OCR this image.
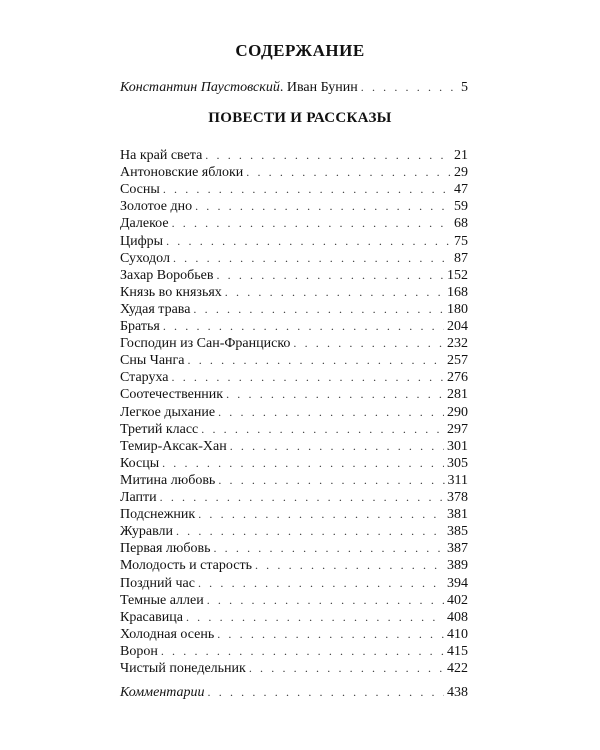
СОДЕРЖАНИЕ
Константин Паустовский. Иван Бунин . . .	5
ПОВЕСТИ И РАССКАЗЫ
На край света . . .	21
Антоновские яблоки . . .	29
Сосны . . .	47
Золотое дно . . .	59
Далекое . . .	68
Цифры . . .	75
Суходол . . .	87
Захар Воробьев . . .	152
Князь во князьях . . .	168
Худая трава . . .	180
Братья . . .	204
Господин из Сан-Франциско . . .	232
Сны Чанга . . .	257
Старуха . . .	276
Соотечественник . . .	281
Легкое дыхание . . .	290
Третий класс . . .	297
Темир-Аксак-Хан . . .	301
Косцы . . .	305
Митина любовь . . .	311
Лапти . . .	378
Подснежник . . .	381
Журавли . . .	385
Первая любовь . . .	387
Молодость и старость . . .	389
Поздний час . . .	394
Темные аллеи . . .	402
Красавица . . .	408
Холодная осень . . .	410
Ворон . . .	415
Чистый понедельник . . .	422
Комментарии . . .	438
